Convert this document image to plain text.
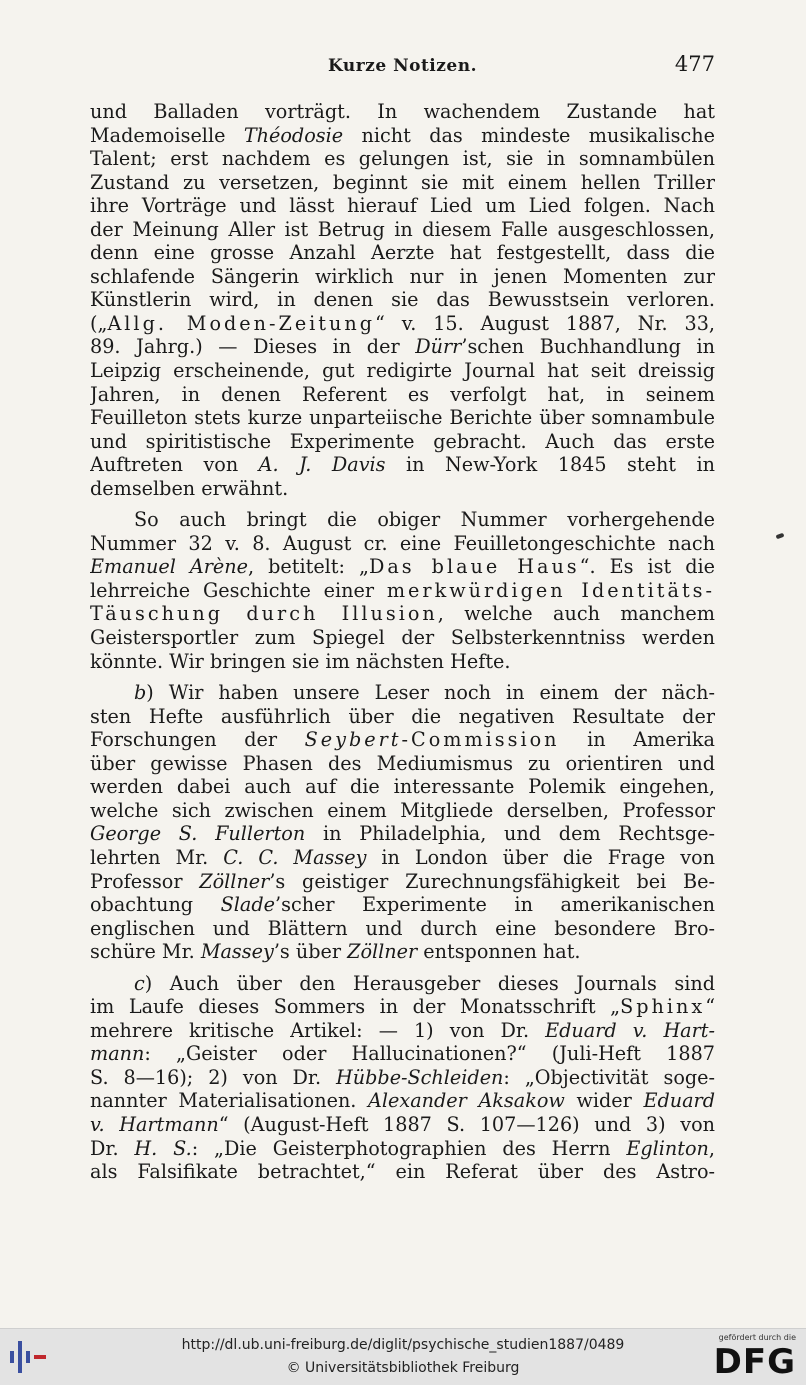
Kurze Notizen.	477
und Balladen vorträgt. In wachendem Zustande hat
Mademoiselle Théodosie nicht das mindeste musikalische
Talent; erst nachdem es gelungen ist, sie in somnambülen
Zustand zu versetzen, beginnt sie mit einem hellen Triller
ihre Vorträge und lässt hierauf Lied um Lied folgen. Nach
der Meinung Aller ist Betrug in diesem Falle ausgeschlossen,
denn eine grosse Anzahl Aerzte hat festgestellt, dass die
schlafende Sängerin wirklich nur in jenen Momenten zur
Künstlerin wird, in denen sie das Bewusstsein verloren.
(„Allg. Moden-Zeitung“ v. 15. August 1887, Nr. 33,
89. Jahrg.) — Dieses in der Dürr’schen Buchhandlung in
Leipzig erscheinende, gut redigirte Journal hat seit dreissig
Jahren, in denen Referent es verfolgt hat, in seinem
Feuilleton stets kurze unparteiische Berichte über somnambule
und spiritistische Experimente gebracht. Auch das erste
Auftreten von A. J. Davis in New-York 1845 steht in
demselben erwähnt.
So auch bringt die obiger Nummer vorhergehende
Nummer 32 v. 8. August cr. eine Feuilletongeschichte nach
Emanuel Arène, betitelt: „Das blaue Haus“. Es ist die
lehrreiche Geschichte einer merkwürdigen Identitäts-
Täuschung durch Illusion, welche auch manchem
Geistersportler zum Spiegel der Selbsterkenntniss werden
könnte. Wir bringen sie im nächsten Hefte.
b) Wir haben unsere Leser noch in einem der näch-
sten Hefte ausführlich über die negativen Resultate der
Forschungen der Seybert-Commission in Amerika
über gewisse Phasen des Mediumismus zu orientiren und
werden dabei auch auf die interessante Polemik eingehen,
welche sich zwischen einem Mitgliede derselben, Professor
George S. Fullerton in Philadelphia, und dem Rechtsge-
lehrten Mr. C. C. Massey in London über die Frage von
Professor Zöllner’s geistiger Zurechnungsfähigkeit bei Be-
obachtung Slade’scher Experimente in amerikanischen
englischen und Blättern und durch eine besondere Bro-
schüre Mr. Massey’s über Zöllner entsponnen hat.
c) Auch über den Herausgeber dieses Journals sind
im Laufe dieses Sommers in der Monatsschrift „Sphinx“
mehrere kritische Artikel: — 1) von Dr. Eduard v. Hart-
mann: „Geister oder Hallucinationen?“ (Juli-Heft 1887
S. 8—16); 2) von Dr. Hübbe-Schleiden: „Objectivität soge-
nannter Materialisationen. Alexander Aksakow wider Eduard
v. Hartmann“ (August-Heft 1887 S. 107—126) und 3) von
Dr. H. S.: „Die Geisterphotographien des Herrn Eglinton,
als Falsifikate betrachtet,“ ein Referat über des Astro-
http://dl.ub.uni-freiburg.de/diglit/psychische_studien1887/0489
© Universitätsbibliothek Freiburg
gefördert durch die
DFG
